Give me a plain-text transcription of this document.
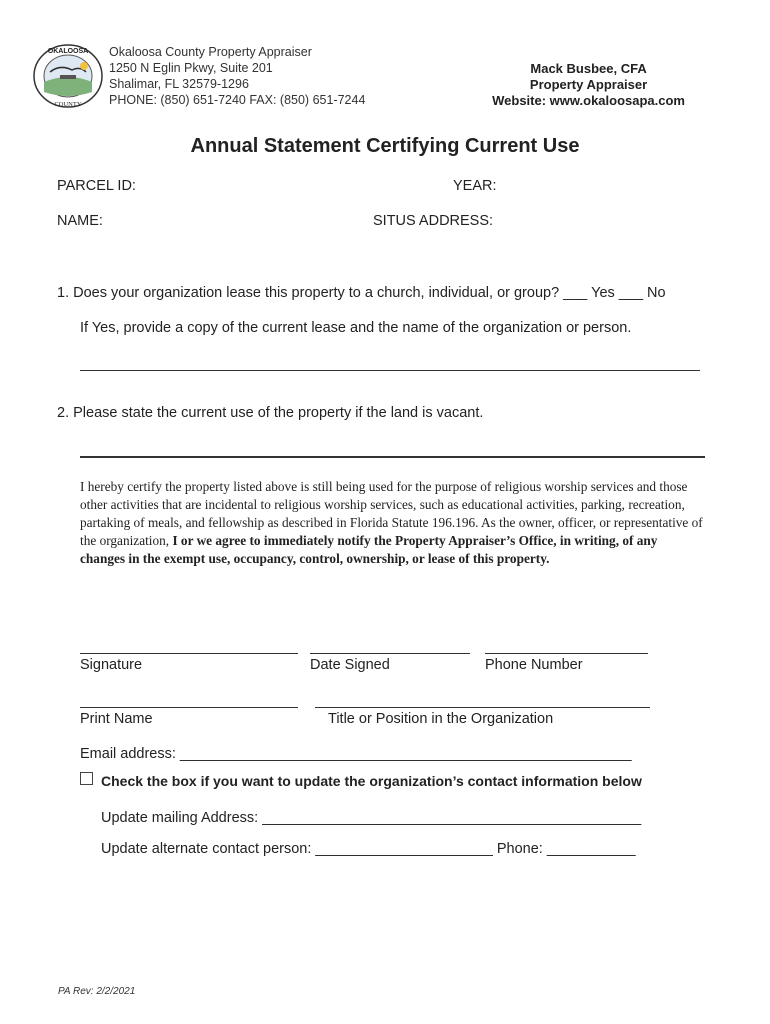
OKALOOSA
COUNTY
Okaloosa County Property Appraiser
1250 N Eglin Pkwy, Suite 201
Shalimar, FL 32579-1296
PHONE: (850) 651-7240 FAX: (850) 651-7244
Mack Busbee, CFA
Property Appraiser
Website: www.okaloosapa.com
Annual Statement Certifying Current Use
PARCEL ID:	YEAR:
NAME:	SITUS ADDRESS:
1. Does your organization lease this property to a church, individual, or group? ___ Yes ___ No
If Yes, provide a copy of the current lease and the name of the organization or person.
2. Please state the current use of the property if the land is vacant.
I hereby certify the property listed above is still being used for the purpose of religious worship services and those other activities that are incidental to religious worship services, such as educational activities, parking, recreation, partaking of meals, and fellowship as described in Florida Statute 196.196. As the owner, officer, or representative of the organization, I or we agree to immediately notify the Property Appraiser’s Office, in writing, of any changes in the exempt use, occupancy, control, ownership, or lease of this property.
Signature	Date Signed	Phone Number
Print Name	Title or Position in the Organization
Email address: ________________________________________________________
Check the box if you want to update the organization’s contact information below
Update mailing Address: _______________________________________________
Update alternate contact person: ______________________ Phone: ___________
PA Rev: 2/2/2021
